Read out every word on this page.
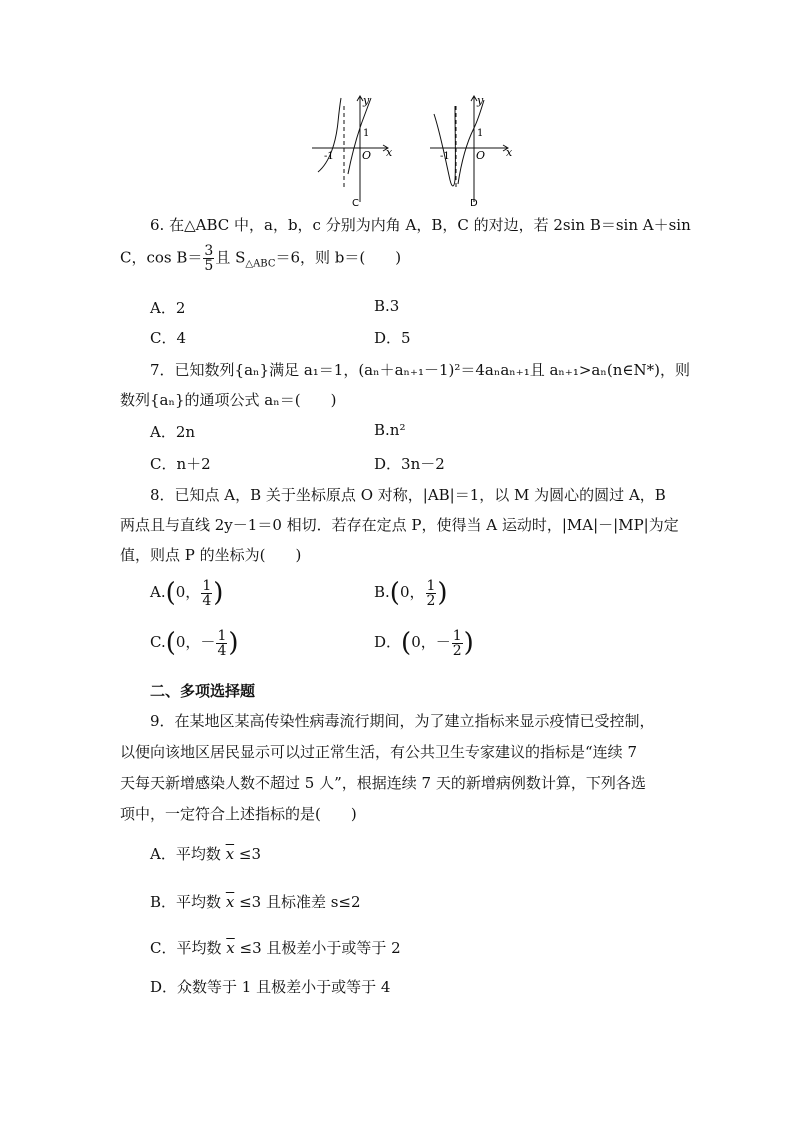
y
1
O x
-1
C
y
1
O x
-1
D
6. 在△ABC 中，a，b，c 分别为内角 A，B，C 的对边，若 2sin B＝sin A＋sin
C，$\cos B= \frac{3}{5}$ 且 $S_{\triangle ABC}=6$，则 b＝(　　)
A．2	B.3
C．4	D．5
7．已知数列{aₙ}满足 a₁＝1，(aₙ＋aₙ₊₁－1)²＝4aₙaₙ₊₁且 aₙ₊₁>aₙ(n∈N*)，则
数列{aₙ}的通项公式 aₙ＝(　　)
A．2n	B.n²
C．n＋2	D．3n－2
8．已知点 A，B 关于坐标原点 O 对称，|AB|＝1，以 M 为圆心的圆过 A，B
两点且与直线 2y－1＝0 相切．若存在定点 P，使得当 A 运动时，|MA|－|MP|为定
值，则点 P 的坐标为(　　)
A.(0， $\frac{1}{4}$ )	B.(0， $\frac{1}{2}$ )
C.(0，－ $\frac{1}{4}$ )	D．(0，－ $\frac{1}{2}$ )
二、多项选择题
9．在某地区某高传染性病毒流行期间，为了建立指标来显示疫情已受控制，
以便向该地区居民显示可以过正常生活，有公共卫生专家建议的指标是“连续 7
天每天新增感染人数不超过 5 人”，根据连续 7 天的新增病例数计算，下列各选
项中，一定符合上述指标的是(　　)
A．平均数 $\overline{x} \le 3$
B．平均数 $\overline{x} \le 3$ 且标准差 s≤2
C．平均数 $\overline{x} \le 3$ 且极差小于或等于 2
D．众数等于 1 且极差小于或等于 4
